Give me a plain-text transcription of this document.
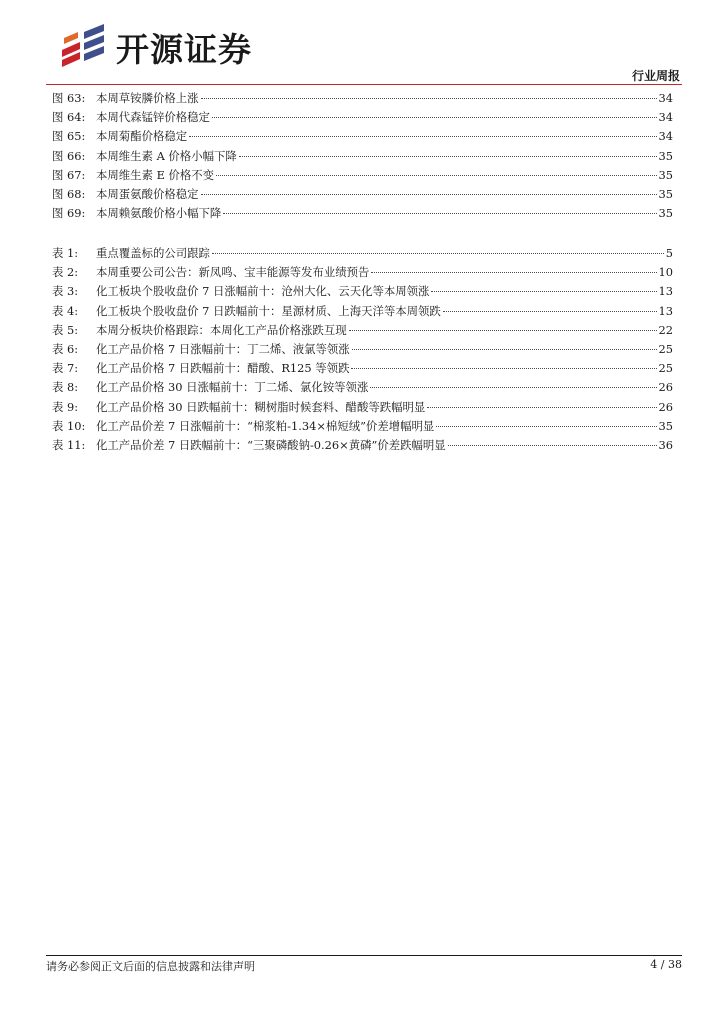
开源证券
行业周报
图 63: 本周草铵膦价格上涨	34
图 64: 本周代森锰锌价格稳定	34
图 65: 本周菊酯价格稳定	34
图 66: 本周维生素 A 价格小幅下降	35
图 67: 本周维生素 E 价格不变	35
图 68: 本周蛋氨酸价格稳定	35
图 69: 本周赖氨酸价格小幅下降	35
表 1:	重点覆盖标的公司跟踪	5
表 2:	本周重要公司公告：新凤鸣、宝丰能源等发布业绩预告	10
表 3:	化工板块个股收盘价 7 日涨幅前十：沧州大化、云天化等本周领涨	13
表 4:	化工板块个股收盘价 7 日跌幅前十：星源材质、上海天洋等本周领跌	13
表 5:	本周分板块价格跟踪：本周化工产品价格涨跌互现	22
表 6:	化工产品价格 7 日涨幅前十：丁二烯、液氯等领涨	25
表 7:	化工产品价格 7 日跌幅前十：醋酸、R125 等领跌	25
表 8:	化工产品价格 30 日涨幅前十：丁二烯、氯化铵等领涨	26
表 9:	化工产品价格 30 日跌幅前十：糊树脂时候套料、醋酸等跌幅明显	26
表 10: 化工产品价差 7 日涨幅前十：“棉浆粕-1.34×棉短绒”价差增幅明显	35
表 11: 化工产品价差 7 日跌幅前十：“三聚磷酸钠-0.26×黄磷”价差跌幅明显	36
请务必参阅正文后面的信息披露和法律声明	4 / 38
